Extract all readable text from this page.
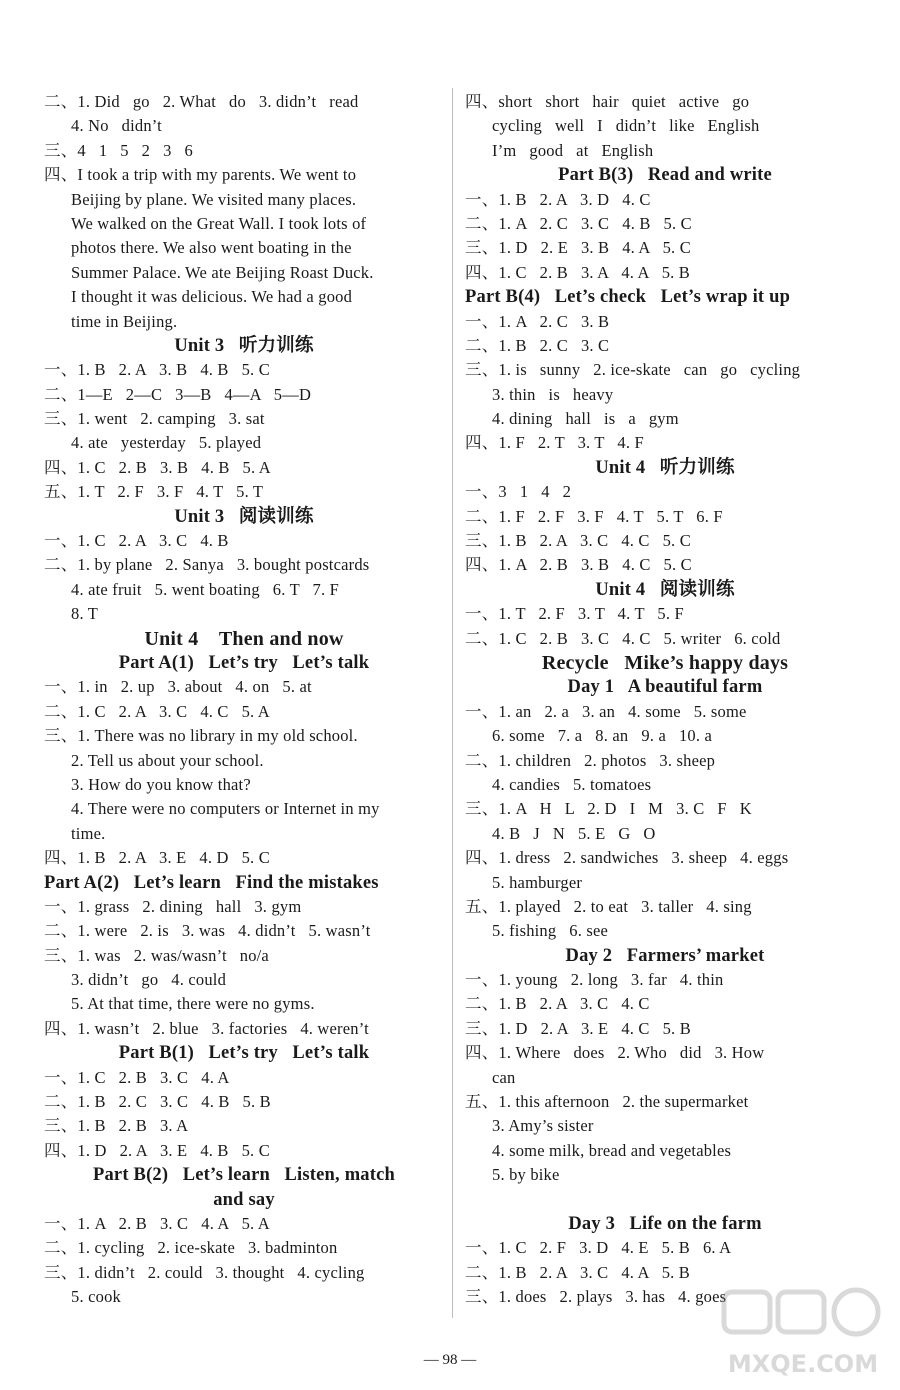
二、1. Did   go   2. What   do   3. didn’t   read
4. No   didn’t
三、4   1   5   2   3   6
四、I took a trip with my parents. We went to
Beijing by plane. We visited many places.
We walked on the Great Wall. I took lots of
photos there. We also went boating in the
Summer Palace. We ate Beijing Roast Duck.
I thought it was delicious. We had a good
time in Beijing.
Unit 3   听力训练
一、1. B   2. A   3. B   4. B   5. C
二、1—E   2—C   3—B   4—A   5—D
三、1. went   2. camping   3. sat
4. ate   yesterday   5. played
四、1. C   2. B   3. B   4. B   5. A
五、1. T   2. F   3. F   4. T   5. T
Unit 3   阅读训练
一、1. C   2. A   3. C   4. B
二、1. by plane   2. Sanya   3. bought postcards
4. ate fruit   5. went boating   6. T   7. F
8. T
Unit 4    Then and now
Part A(1)   Let’s try   Let’s talk
一、1. in   2. up   3. about   4. on   5. at
二、1. C   2. A   3. C   4. C   5. A
三、1. There was no library in my old school.
2. Tell us about your school.
3. How do you know that?
4. There were no computers or Internet in my
time.
四、1. B   2. A   3. E   4. D   5. C
Part A(2)   Let’s learn   Find the mistakes
一、1. grass   2. dining   hall   3. gym
二、1. were   2. is   3. was   4. didn’t   5. wasn’t
三、1. was   2. was/wasn’t   no/a
3. didn’t   go   4. could
5. At that time, there were no gyms.
四、1. wasn’t   2. blue   3. factories   4. weren’t
Part B(1)   Let’s try   Let’s talk
一、1. C   2. B   3. C   4. A
二、1. B   2. C   3. C   4. B   5. B
三、1. B   2. B   3. A
四、1. D   2. A   3. E   4. B   5. C
Part B(2)   Let’s learn   Listen, match
and say
一、1. A   2. B   3. C   4. A   5. A
二、1. cycling   2. ice-skate   3. badminton
三、1. didn’t   2. could   3. thought   4. cycling
5. cook
四、short   short   hair   quiet   active   go
cycling   well   I   didn’t   like   English
I’m   good   at   English
Part B(3)   Read and write
一、1. B   2. A   3. D   4. C
二、1. A   2. C   3. C   4. B   5. C
三、1. D   2. E   3. B   4. A   5. C
四、1. C   2. B   3. A   4. A   5. B
Part B(4)   Let’s check   Let’s wrap it up
一、1. A   2. C   3. B
二、1. B   2. C   3. C
三、1. is   sunny   2. ice-skate   can   go   cycling
3. thin   is   heavy
4. dining   hall   is   a   gym
四、1. F   2. T   3. T   4. F
Unit 4   听力训练
一、3   1   4   2
二、1. F   2. F   3. F   4. T   5. T   6. F
三、1. B   2. A   3. C   4. C   5. C
四、1. A   2. B   3. B   4. C   5. C
Unit 4   阅读训练
一、1. T   2. F   3. T   4. T   5. F
二、1. C   2. B   3. C   4. C   5. writer   6. cold
Recycle   Mike’s happy days
Day 1   A beautiful farm
一、1. an   2. a   3. an   4. some   5. some
6. some   7. a   8. an   9. a   10. a
二、1. children   2. photos   3. sheep
4. candies   5. tomatoes
三、1. A   H   L   2. D   I   M   3. C   F   K
4. B   J   N   5. E   G   O
四、1. dress   2. sandwiches   3. sheep   4. eggs
5. hamburger
五、1. played   2. to eat   3. taller   4. sing
5. fishing   6. see
Day 2   Farmers’ market
一、1. young   2. long   3. far   4. thin
二、1. B   2. A   3. C   4. C
三、1. D   2. A   3. E   4. C   5. B
四、1. Where   does   2. Who   did   3. How
can
五、1. this afternoon   2. the supermarket
3. Amy’s sister
4. some milk, bread and vegetables
5. by bike
Day 3   Life on the farm
一、1. C   2. F   3. D   4. E   5. B   6. A
二、1. B   2. A   3. C   4. A   5. B
三、1. does   2. plays   3. has   4. goes
— 98 —	MXQE.COM
